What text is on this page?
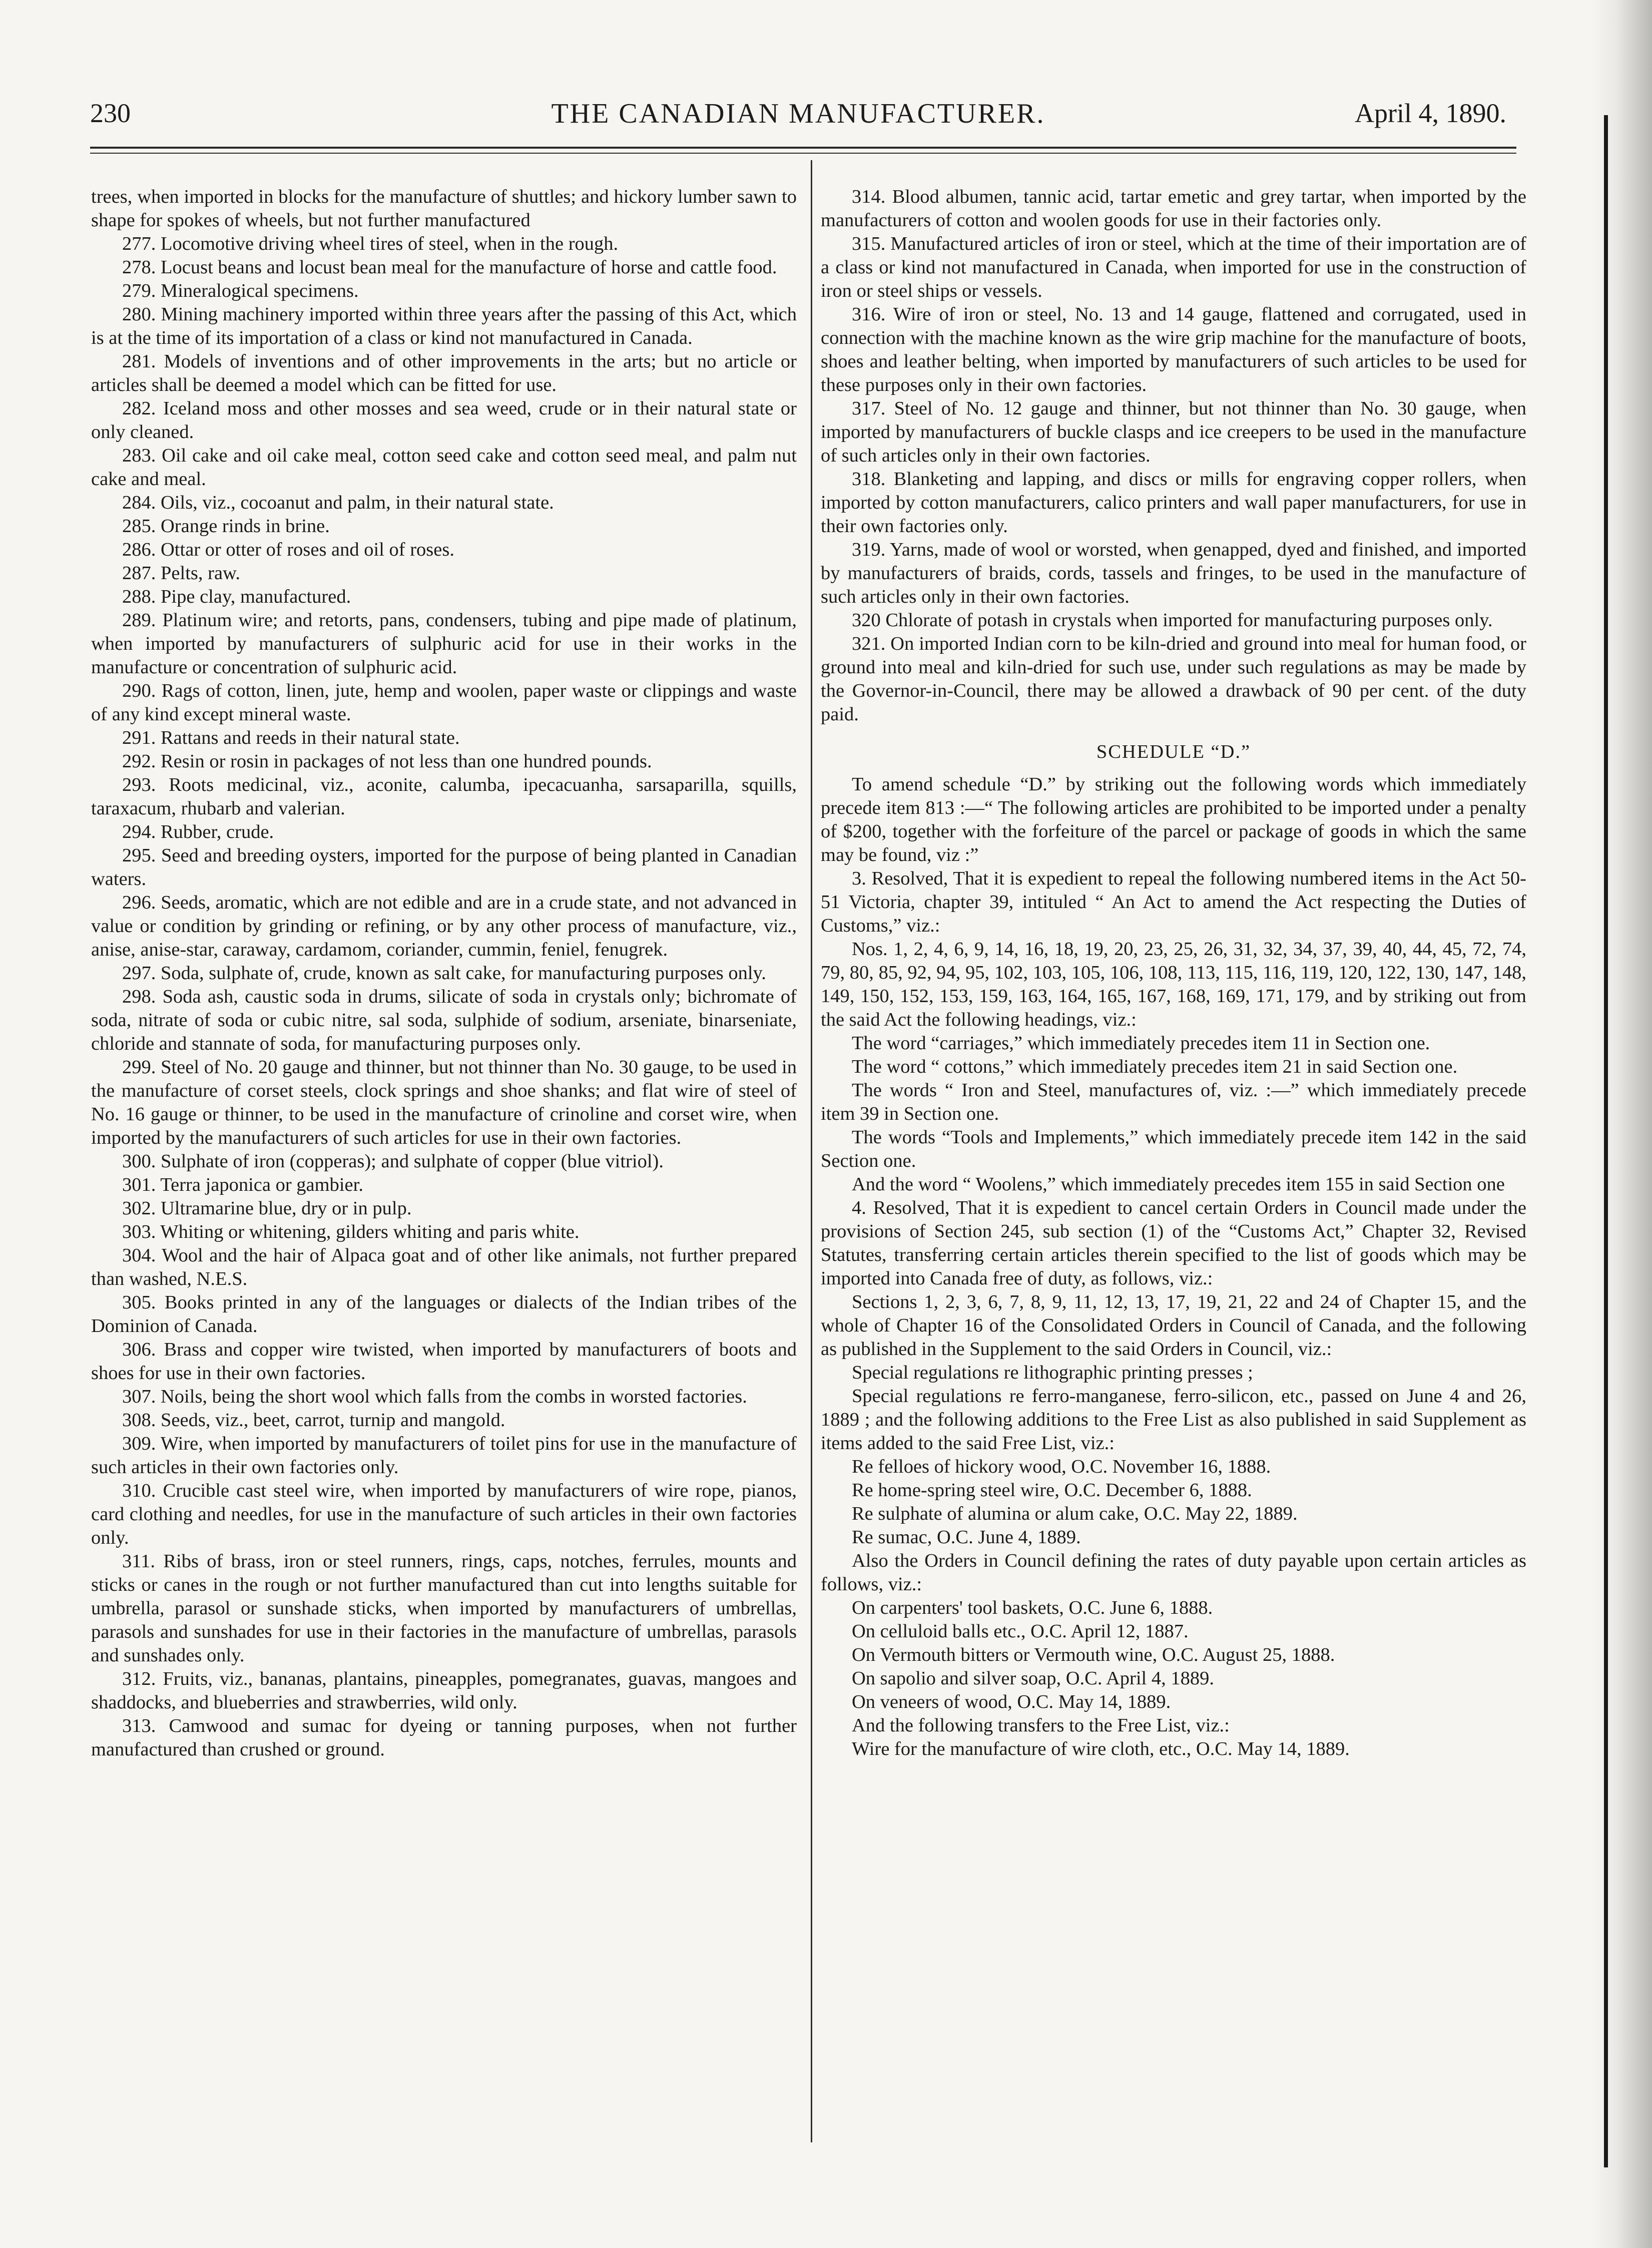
230	THE CANADIAN MANUFACTURER.	April 4, 1890.

trees, when imported in blocks for the manufacture of shuttles; and hickory lumber sawn to shape for spokes of wheels, but not further manufactured

277. Locomotive driving wheel tires of steel, when in the rough.

278. Locust beans and locust bean meal for the manufacture of horse and cattle food.

279. Mineralogical specimens.

280. Mining machinery imported within three years after the passing of this Act, which is at the time of its importation of a class or kind not manufactured in Canada.

281. Models of inventions and of other improvements in the arts; but no article or articles shall be deemed a model which can be fitted for use.

282. Iceland moss and other mosses and sea weed, crude or in their natural state or only cleaned.

283. Oil cake and oil cake meal, cotton seed cake and cotton seed meal, and palm nut cake and meal.

284. Oils, viz., cocoanut and palm, in their natural state.

285. Orange rinds in brine.

286. Ottar or otter of roses and oil of roses.

287. Pelts, raw.

288. Pipe clay, manufactured.

289. Platinum wire; and retorts, pans, condensers, tubing and pipe made of platinum, when imported by manufacturers of sulphuric acid for use in their works in the manufacture or concentration of sulphuric acid.

290. Rags of cotton, linen, jute, hemp and woolen, paper waste or clippings and waste of any kind except mineral waste.

291. Rattans and reeds in their natural state.

292. Resin or rosin in packages of not less than one hundred pounds.

293. Roots medicinal, viz., aconite, calumba, ipecacuanha, sarsaparilla, squills, taraxacum, rhubarb and valerian.

294. Rubber, crude.

295. Seed and breeding oysters, imported for the purpose of being planted in Canadian waters.

296. Seeds, aromatic, which are not edible and are in a crude state, and not advanced in value or condition by grinding or refining, or by any other process of manufacture, viz., anise, anise-star, caraway, cardamom, coriander, cummin, feniel, fenugrek.

297. Soda, sulphate of, crude, known as salt cake, for manufacturing purposes only.

298. Soda ash, caustic soda in drums, silicate of soda in crystals only; bichromate of soda, nitrate of soda or cubic nitre, sal soda, sulphide of sodium, arseniate, binarseniate, chloride and stannate of soda, for manufacturing purposes only.

299. Steel of No. 20 gauge and thinner, but not thinner than No. 30 gauge, to be used in the manufacture of corset steels, clock springs and shoe shanks; and flat wire of steel of No. 16 gauge or thinner, to be used in the manufacture of crinoline and corset wire, when imported by the manufacturers of such articles for use in their own factories.

300. Sulphate of iron (copperas); and sulphate of copper (blue vitriol).

301. Terra japonica or gambier.

302. Ultramarine blue, dry or in pulp.

303. Whiting or whitening, gilders whiting and paris white.

304. Wool and the hair of Alpaca goat and of other like animals, not further prepared than washed, N.E.S.

305. Books printed in any of the languages or dialects of the Indian tribes of the Dominion of Canada.

306. Brass and copper wire twisted, when imported by manufacturers of boots and shoes for use in their own factories.

307. Noils, being the short wool which falls from the combs in worsted factories.

308. Seeds, viz., beet, carrot, turnip and mangold.

309. Wire, when imported by manufacturers of toilet pins for use in the manufacture of such articles in their own factories only.

310. Crucible cast steel wire, when imported by manufacturers of wire rope, pianos, card clothing and needles, for use in the manufacture of such articles in their own factories only.

311. Ribs of brass, iron or steel runners, rings, caps, notches, ferrules, mounts and sticks or canes in the rough or not further manufactured than cut into lengths suitable for umbrella, parasol or sunshade sticks, when imported by manufacturers of umbrellas, parasols and sunshades for use in their factories in the manufacture of umbrellas, parasols and sunshades only.

312. Fruits, viz., bananas, plantains, pineapples, pomegranates, guavas, mangoes and shaddocks, and blueberries and strawberries, wild only.

313. Camwood and sumac for dyeing or tanning purposes, when not further manufactured than crushed or ground.

314. Blood albumen, tannic acid, tartar emetic and grey tartar, when imported by the manufacturers of cotton and woolen goods for use in their factories only.

315. Manufactured articles of iron or steel, which at the time of their importation are of a class or kind not manufactured in Canada, when imported for use in the construction of iron or steel ships or vessels.

316. Wire of iron or steel, No. 13 and 14 gauge, flattened and corrugated, used in connection with the machine known as the wire grip machine for the manufacture of boots, shoes and leather belting, when imported by manufacturers of such articles to be used for these purposes only in their own factories.

317. Steel of No. 12 gauge and thinner, but not thinner than No. 30 gauge, when imported by manufacturers of buckle clasps and ice creepers to be used in the manufacture of such articles only in their own factories.

318. Blanketing and lapping, and discs or mills for engraving copper rollers, when imported by cotton manufacturers, calico printers and wall paper manufacturers, for use in their own factories only.

319. Yarns, made of wool or worsted, when genapped, dyed and finished, and imported by manufacturers of braids, cords, tassels and fringes, to be used in the manufacture of such articles only in their own factories.

320 Chlorate of potash in crystals when imported for manufacturing purposes only.

321. On imported Indian corn to be kiln-dried and ground into meal for human food, or ground into meal and kiln-dried for such use, under such regulations as may be made by the Governor-in-Council, there may be allowed a drawback of 90 per cent. of the duty paid.

SCHEDULE “D.”

To amend schedule “D.” by striking out the following words which immediately precede item 813 :—“ The following articles are prohibited to be imported under a penalty of $200, together with the forfeiture of the parcel or package of goods in which the same may be found, viz :”

3. Resolved, That it is expedient to repeal the following numbered items in the Act 50-51 Victoria, chapter 39, intituled “ An Act to amend the Act respecting the Duties of Customs,” viz.:

Nos. 1, 2, 4, 6, 9, 14, 16, 18, 19, 20, 23, 25, 26, 31, 32, 34, 37, 39, 40, 44, 45, 72, 74, 79, 80, 85, 92, 94, 95, 102, 103, 105, 106, 108, 113, 115, 116, 119, 120, 122, 130, 147, 148, 149, 150, 152, 153, 159, 163, 164, 165, 167, 168, 169, 171, 179, and by striking out from the said Act the following headings, viz.:

The word “carriages,” which immediately precedes item 11 in Section one.

The word “ cottons,” which immediately precedes item 21 in said Section one.

The words “ Iron and Steel, manufactures of, viz. :—” which immediately precede item 39 in Section one.

The words “Tools and Implements,” which immediately precede item 142 in the said Section one.

And the word “ Woolens,” which immediately precedes item 155 in said Section one

4. Resolved, That it is expedient to cancel certain Orders in Council made under the provisions of Section 245, sub section (1) of the “Customs Act,” Chapter 32, Revised Statutes, transferring certain articles therein specified to the list of goods which may be imported into Canada free of duty, as follows, viz.:

Sections 1, 2, 3, 6, 7, 8, 9, 11, 12, 13, 17, 19, 21, 22 and 24 of Chapter 15, and the whole of Chapter 16 of the Consolidated Orders in Council of Canada, and the following as published in the Supplement to the said Orders in Council, viz.:

Special regulations re lithographic printing presses ;

Special regulations re ferro-manganese, ferro-silicon, etc., passed on June 4 and 26, 1889 ; and the following additions to the Free List as also published in said Supplement as items added to the said Free List, viz.:

Re felloes of hickory wood, O.C. November 16, 1888.

Re home-spring steel wire, O.C. December 6, 1888.

Re sulphate of alumina or alum cake, O.C. May 22, 1889.

Re sumac, O.C. June 4, 1889.

Also the Orders in Council defining the rates of duty payable upon certain articles as follows, viz.:

On carpenters' tool baskets, O.C. June 6, 1888.

On celluloid balls etc., O.C. April 12, 1887.

On Vermouth bitters or Vermouth wine, O.C. August 25, 1888.

On sapolio and silver soap, O.C. April 4, 1889.

On veneers of wood, O.C. May 14, 1889.

And the following transfers to the Free List, viz.:

Wire for the manufacture of wire cloth, etc., O.C. May 14, 1889.
